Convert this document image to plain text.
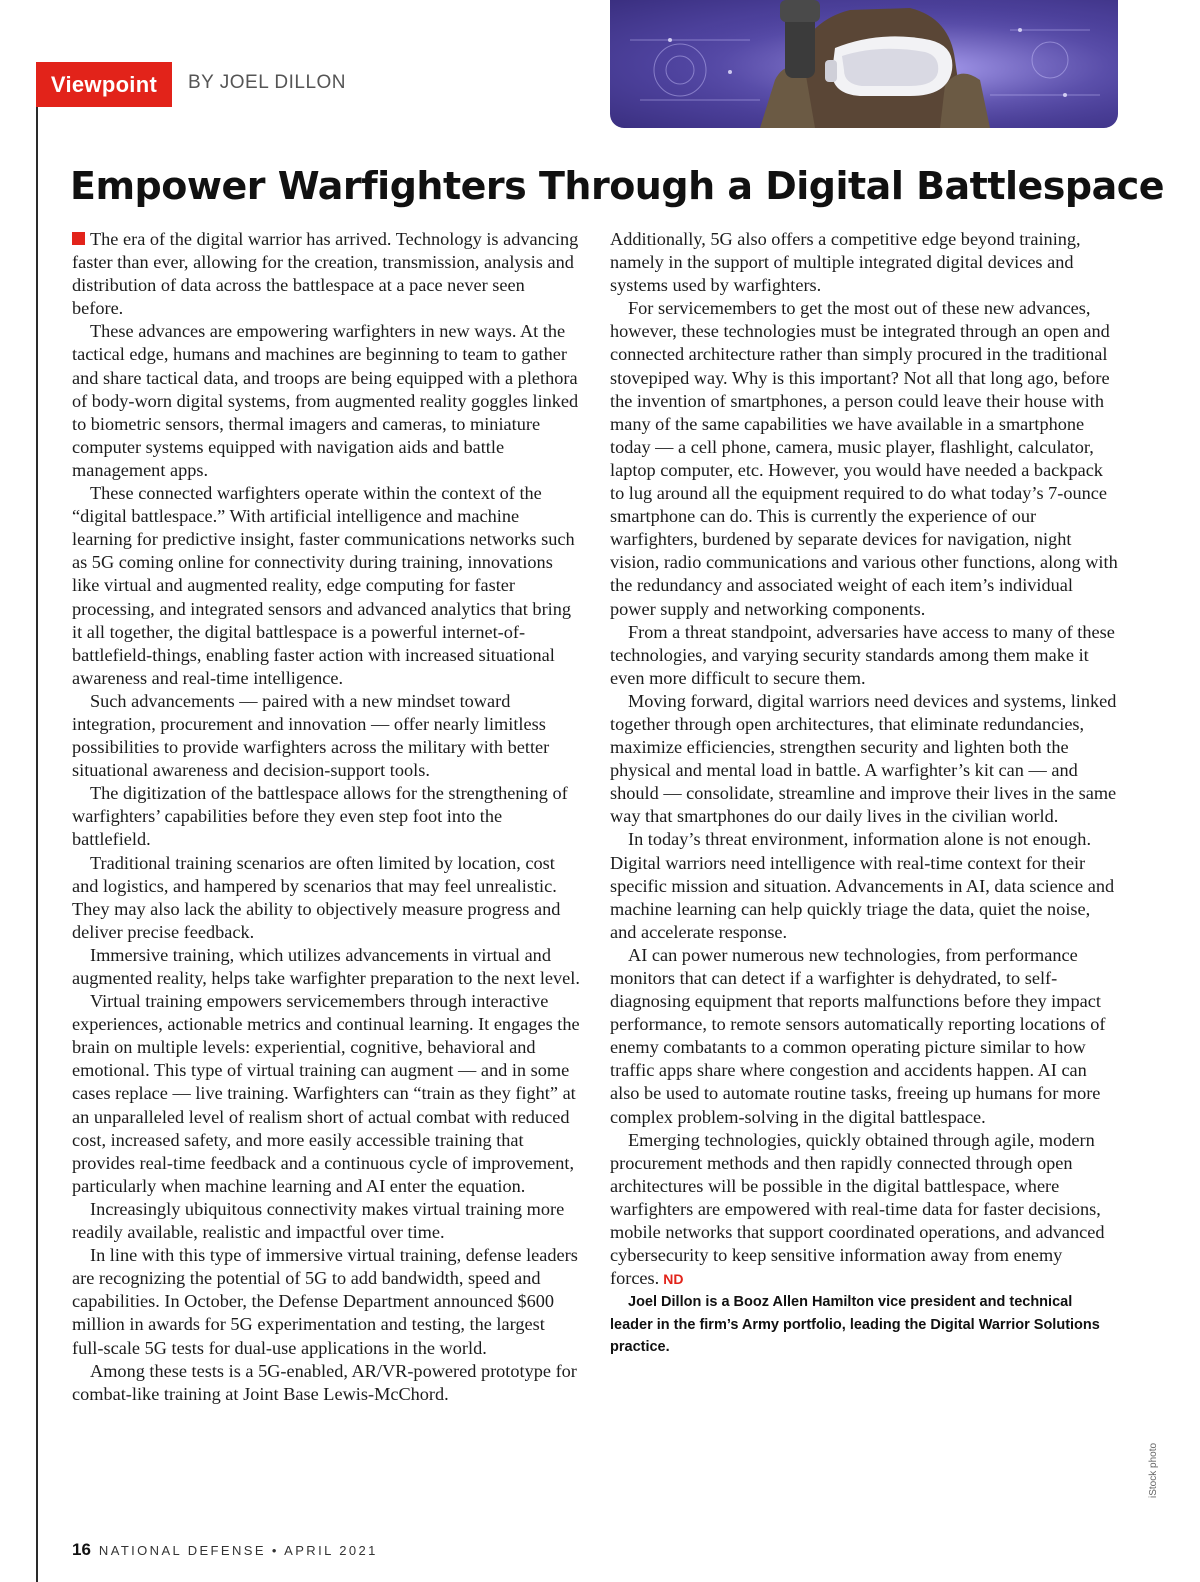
Viewpoint	BY JOEL DILLON
Empower Warfighters Through a Digital Battlespace

The era of the digital warrior has arrived. Technology is advancing faster than ever, allowing for the creation, transmission, analysis and distribution of data across the battlespace at a pace never seen before.

These advances are empowering warfighters in new ways. At the tactical edge, humans and machines are beginning to team to gather and share tactical data, and troops are being equipped with a plethora of body-worn digital systems, from augmented reality goggles linked to biometric sensors, thermal imagers and cameras, to miniature computer systems equipped with navigation aids and battle management apps.

These connected warfighters operate within the context of the “digital battlespace.” With artificial intelligence and machine learning for predictive insight, faster communications networks such as 5G coming online for connectivity during training, innovations like virtual and augmented reality, edge computing for faster processing, and integrated sensors and advanced analytics that bring it all together, the digital battlespace is a powerful internet-of-battlefield-things, enabling faster action with increased situational awareness and real-time intelligence.

Such advancements — paired with a new mindset toward integration, procurement and innovation — offer nearly limitless possibilities to provide warfighters across the military with better situational awareness and decision-support tools.

The digitization of the battlespace allows for the strengthening of warfighters’ capabilities before they even step foot into the battlefield.

Traditional training scenarios are often limited by location, cost and logistics, and hampered by scenarios that may feel unrealistic. They may also lack the ability to objectively measure progress and deliver precise feedback.

Immersive training, which utilizes advancements in virtual and augmented reality, helps take warfighter preparation to the next level.

Virtual training empowers servicemembers through interactive experiences, actionable metrics and continual learning. It engages the brain on multiple levels: experiential, cognitive, behavioral and emotional. This type of virtual training can augment — and in some cases replace — live training. Warfighters can “train as they fight” at an unparalleled level of realism short of actual combat with reduced cost, increased safety, and more easily accessible training that provides real-time feedback and a continuous cycle of improvement, particularly when machine learning and AI enter the equation.

Increasingly ubiquitous connectivity makes virtual training more readily available, realistic and impactful over time.

In line with this type of immersive virtual training, defense leaders are recognizing the potential of 5G to add bandwidth, speed and capabilities. In October, the Defense Department announced $600 million in awards for 5G experimentation and testing, the largest full-scale 5G tests for dual-use applications in the world.

Among these tests is a 5G-enabled, AR/VR-powered prototype for combat-like training at Joint Base Lewis-McChord.

Additionally, 5G also offers a competitive edge beyond training, namely in the support of multiple integrated digital devices and systems used by warfighters.

For servicemembers to get the most out of these new advances, however, these technologies must be integrated through an open and connected architecture rather than simply procured in the traditional stovepiped way. Why is this important? Not all that long ago, before the invention of smartphones, a person could leave their house with many of the same capabilities we have available in a smartphone today — a cell phone, camera, music player, flashlight, calculator, laptop computer, etc. However, you would have needed a backpack to lug around all the equipment required to do what today’s 7-ounce smartphone can do. This is currently the experience of our warfighters, burdened by separate devices for navigation, night vision, radio communications and various other functions, along with the redundancy and associated weight of each item’s individual power supply and networking components.

From a threat standpoint, adversaries have access to many of these technologies, and varying security standards among them make it even more difficult to secure them.

Moving forward, digital warriors need devices and systems, linked together through open architectures, that eliminate redundancies, maximize efficiencies, strengthen security and lighten both the physical and mental load in battle. A warfighter’s kit can — and should — consolidate, streamline and improve their lives in the same way that smartphones do our daily lives in the civilian world.

In today’s threat environment, information alone is not enough. Digital warriors need intelligence with real-time context for their specific mission and situation. Advancements in AI, data science and machine learning can help quickly triage the data, quiet the noise, and accelerate response.

AI can power numerous new technologies, from performance monitors that can detect if a warfighter is dehydrated, to self-diagnosing equipment that reports malfunctions before they impact performance, to remote sensors automatically reporting locations of enemy combatants to a common operating picture similar to how traffic apps share where congestion and accidents happen. AI can also be used to automate routine tasks, freeing up humans for more complex problem-solving in the digital battlespace.

Emerging technologies, quickly obtained through agile, modern procurement methods and then rapidly connected through open architectures will be possible in the digital battlespace, where warfighters are empowered with real-time data for faster decisions, mobile networks that support coordinated operations, and advanced cybersecurity to keep sensitive information away from enemy forces. ND

Joel Dillon is a Booz Allen Hamilton vice president and technical leader in the firm’s Army portfolio, leading the Digital Warrior Solutions practice.

iStock photo
16 NATIONAL DEFENSE • APRIL 2021
